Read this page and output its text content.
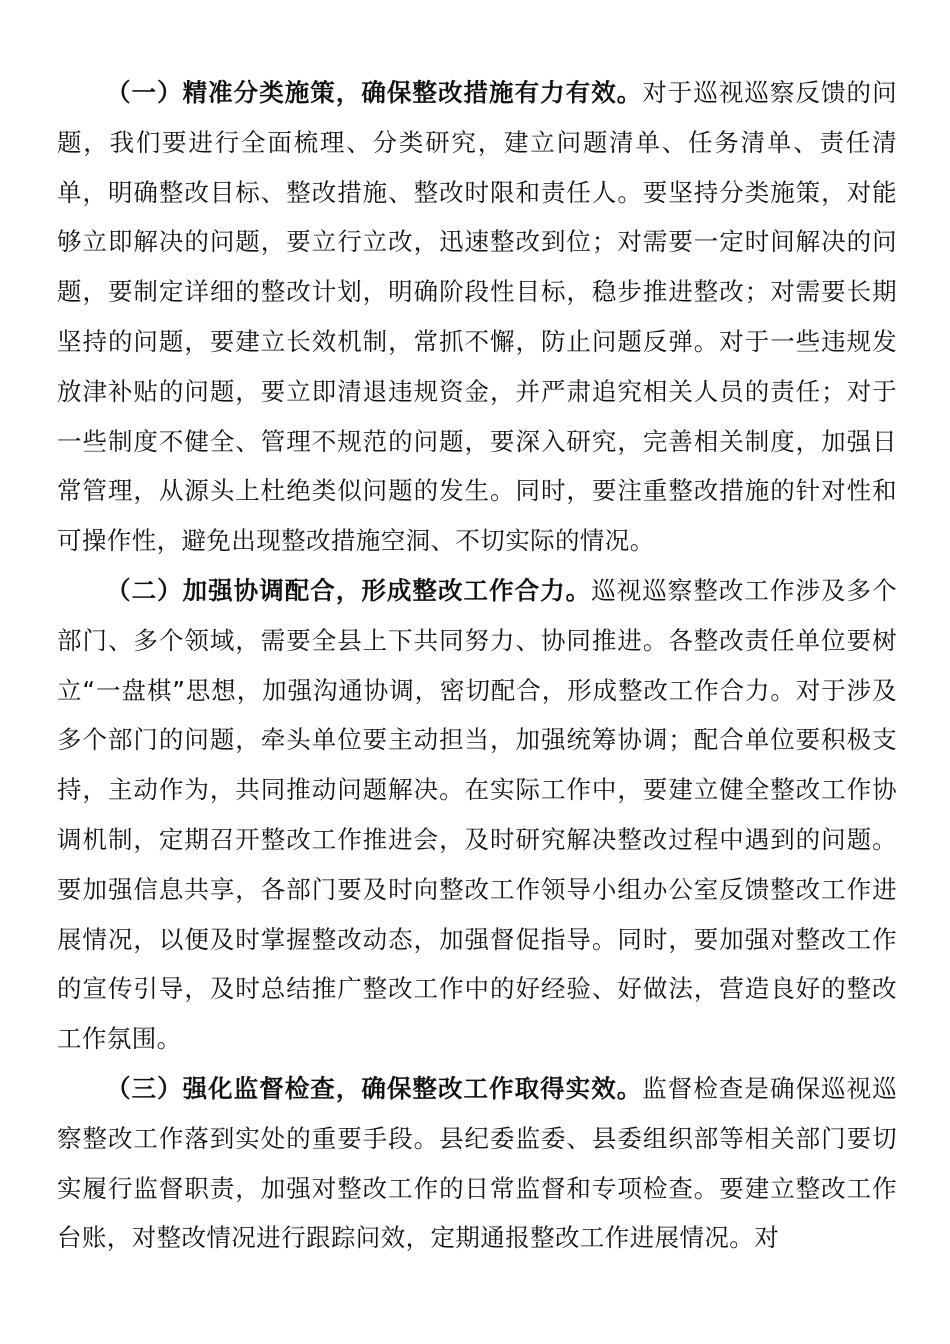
（一）精准分类施策，确保整改措施有力有效。对于巡视巡察反馈的问题，我们要进行全面梳理、分类研究，建立问题清单、任务清单、责任清单，明确整改目标、整改措施、整改时限和责任人。要坚持分类施策，对能够立即解决的问题，要立行立改，迅速整改到位；对需要一定时间解决的问题，要制定详细的整改计划，明确阶段性目标，稳步推进整改；对需要长期坚持的问题，要建立长效机制，常抓不懈，防止问题反弹。对于一些违规发放津补贴的问题，要立即清退违规资金，并严肃追究相关人员的责任；对于一些制度不健全、管理不规范的问题，要深入研究，完善相关制度，加强日常管理，从源头上杜绝类似问题的发生。同时，要注重整改措施的针对性和可操作性，避免出现整改措施空洞、不切实际的情况。

（二）加强协调配合，形成整改工作合力。巡视巡察整改工作涉及多个部门、多个领域，需要全县上下共同努力、协同推进。各整改责任单位要树立“一盘棋”思想，加强沟通协调，密切配合，形成整改工作合力。对于涉及多个部门的问题，牵头单位要主动担当，加强统筹协调；配合单位要积极支持，主动作为，共同推动问题解决。在实际工作中，要建立健全整改工作协调机制，定期召开整改工作推进会，及时研究解决整改过程中遇到的问题。要加强信息共享，各部门要及时向整改工作领导小组办公室反馈整改工作进展情况，以便及时掌握整改动态，加强督促指导。同时，要加强对整改工作的宣传引导，及时总结推广整改工作中的好经验、好做法，营造良好的整改工作氛围。

（三）强化监督检查，确保整改工作取得实效。监督检查是确保巡视巡察整改工作落到实处的重要手段。县纪委监委、县委组织部等相关部门要切实履行监督职责，加强对整改工作的日常监督和专项检查。要建立整改工作台账，对整改情况进行跟踪问效，定期通报整改工作进展情况。对
